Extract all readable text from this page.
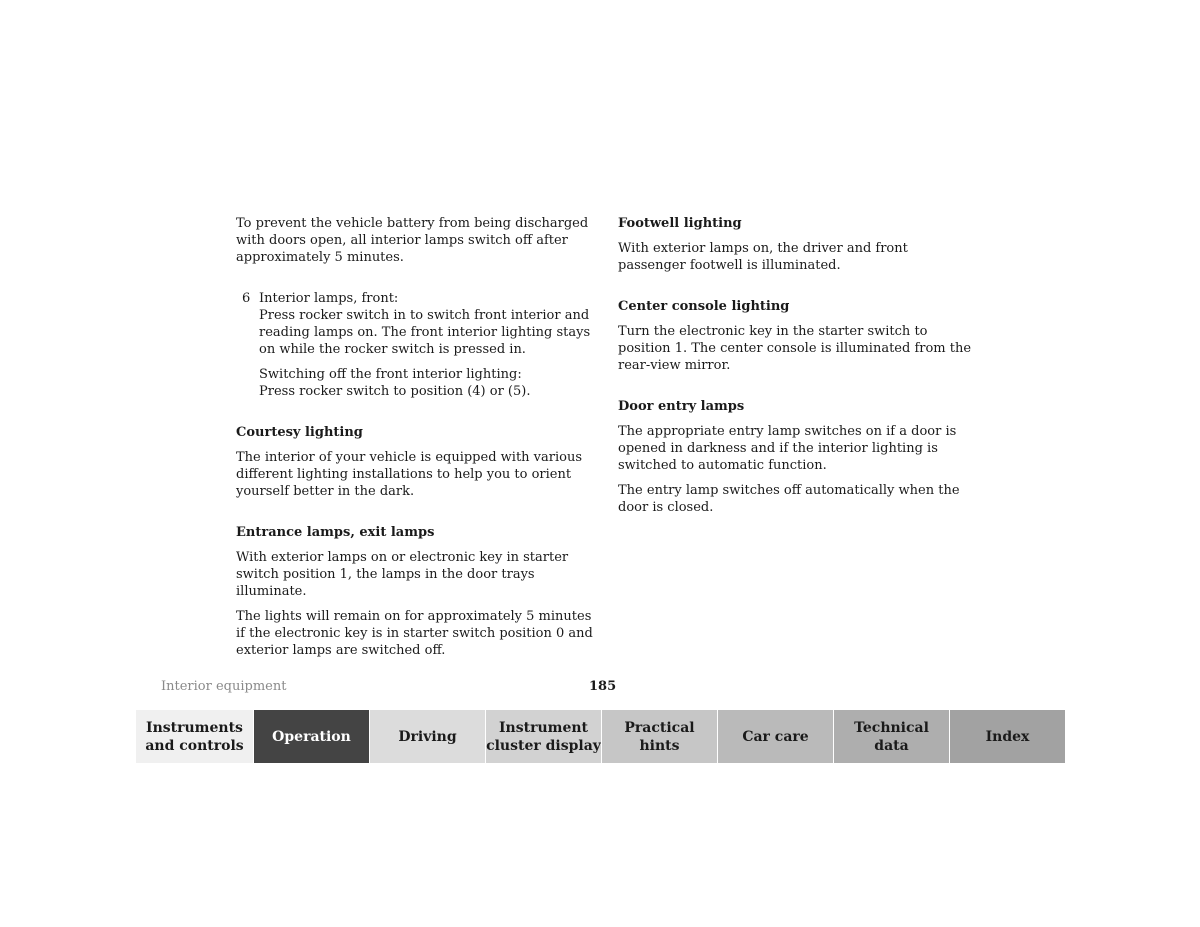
To prevent the vehicle battery from being discharged with doors open, all interior lamps switch off after approximately 5 minutes.

6 Interior lamps, front:
Press rocker switch in to switch front interior and reading lamps on. The front interior lighting stays on while the rocker switch is pressed in.

Switching off the front interior lighting:
Press rocker switch to position (4) or (5).

Courtesy lighting

The interior of your vehicle is equipped with various different lighting installations to help you to orient yourself better in the dark.

Entrance lamps, exit lamps

With exterior lamps on or electronic key in starter switch position 1, the lamps in the door trays illuminate.

The lights will remain on for approximately 5 minutes if the electronic key is in starter switch position 0 and exterior lamps are switched off.

Footwell lighting

With exterior lamps on, the driver and front passenger footwell is illuminated.

Center console lighting

Turn the electronic key in the starter switch to position 1. The center console is illuminated from the rear-view mirror.

Door entry lamps

The appropriate entry lamp switches on if a door is opened in darkness and if the interior lighting is switched to automatic function.

The entry lamp switches off automatically when the door is closed.

Interior equipment	185
Instruments
and controls
Operation	Driving
Instrument
cluster display
Practical hints
Car care
Technical
data
Index
